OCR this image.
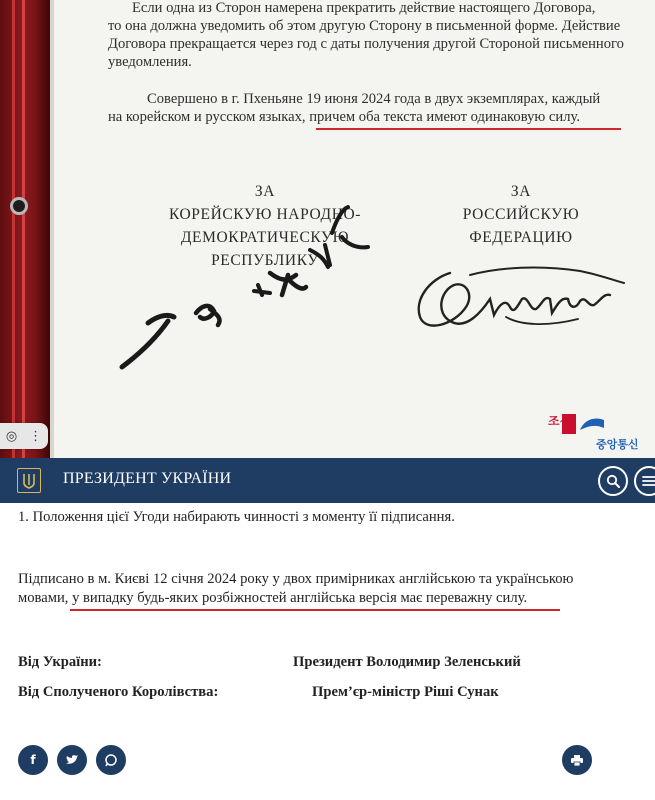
Если одна из Сторон намерена прекратить действие настоящего Договора,
то она должна уведомить об этом другую Сторону в письменной форме. Действие
Договора прекращается через год с даты получения другой Стороной письменного
уведомления.
Совершено в г. Пхеньяне 19 июня 2024 года в двух экземплярах, каждый
на корейском и русском языках, причем оба текста имеют одинаковую силу.
ЗА
КОРЕЙСКУЮ НАРОДНО-
ДЕМОКРАТИЧЕСКУЮ
РЕСПУБЛИКУ
ЗА
РОССИЙСКУЮ
ФЕДЕРАЦИЮ
◎ ⋮
조선
중앙통신
ПРЕЗИДЕНТ УКРАЇНИ
1. Положення цієї Угоди набирають чинності з моменту її підписання.
Підписано в м. Києві 12 січня 2024 року у двох примірниках англійською та українською
мовами, у випадку будь-яких розбіжностей англійська версія має переважну силу.
Від України:	Президент Володимир Зеленський
Від Сполученого Королівства:	Прем’єр-міністр Ріші Сунак
f
